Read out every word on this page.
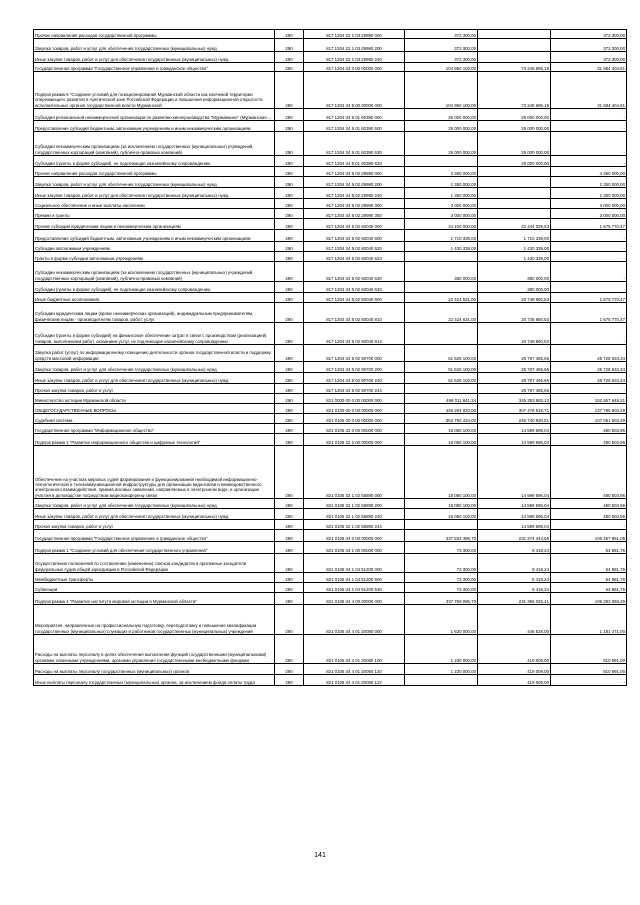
Прочие направления расходов государственной программы	290	817 1204 23 1 03 29990 000	372 300,00		372 300,00
Закупка товаров, работ и услуг для обеспечения государственных (муниципальных) нужд	290	817 1204 23 1 03 29990 200	372 300,00		372 300,00
Иные закупки товаров, работ и услуг для обеспечения государственных (муниципальных) нужд	290	817 1204 23 1 03 29990 240	372 300,00		372 300,00
Государственная программа "Государственное управление и гражданское общество"	290	817 1204 34 0 00 00000 000	104 950 100,00	73 245 695,19	31 684 404,81
Подпрограмма 5 "Создание условий для позиционирования Мурманской области как ключевой территории опережающего развития в Арктической зоне Российской Федерации и повышения информационной открытости исполнительных органов государственной власти Мурманской	290	817 1204 34 5 00 00000 000	104 950 100,00	73 245 695,19	31 684 404,81
Субсидия региональной некоммерческой организации по развитию кинопроизводства "Мурманкино" (Мурманская ...	290	817 1204 34 5 01 60390 000	25 000 000,00	25 000 000,00	-
Предоставление субсидий бюджетным, автономным учреждениям и иным некоммерческим организациям	290	817 1204 34 5 01 60390 600	25 000 000,00	25 000 000,00	-
Субсидии некоммерческим организациям (за исключением государственных (муниципальных) учреждений, государственных корпораций (компаний), публично-правовых компаний)	290	817 1204 34 5 01 60390 630	25 000 000,00	25 000 000,00	-
Субсидии (гранты в форме субсидий), не подлежащие казначейскому сопровождению	290	817 1204 34 5 01 60390 633		25 000 000,00	-
Прочие направления расходов государственной программы	290	817 1204 34 5 02 29990 000	4 350 000,00		4 350 000,00
Закупка товаров, работ и услуг для обеспечения государственных (муниципальных) нужд	290	817 1204 34 5 02 29990 200	1 350 000,00		1 350 000,00
Иные закупки товаров, работ и услуг для обеспечения государственных (муниципальных) нужд	290	817 1204 34 5 02 29990 240	1 350 000,00		1 350 000,00
Социальное обеспечение и иные выплаты населению	290	817 1204 34 5 02 29990 300	3 000 000,00		3 000 000,00
Премии и гранты	290	817 1204 34 5 02 29990 350	3 000 000,00		3 000 000,00
Прочие субсидии юридическим лицам и некоммерческим организациям	290	817 1204 34 5 02 60040 000	24 100 000,00	22 444 029,53	1 675 770,47
Предоставление субсидий бюджетным, автономным учреждениям и иным некоммерческим организациям	290	817 1204 34 5 02 60040 600	1 710 339,00	1 710 339,00	-
Субсидии автономным учреждениям	290	817 1204 34 5 02 60040 620	1 430 339,00	1 430 339,00	-
Гранты в форме субсидии автономным учреждениям	290	817 1204 34 5 02 60040 623		1 430 339,00	-
Субсидии некоммерческим организациям (за исключением государственных (муниципальных) учреждений, государственных корпораций (компаний), публично-правовых компаний)	290	817 1204 34 5 02 60040 630	380 000,00	380 000,00	-
Субсидии (гранты в форме субсидий), не подлежащие казначейскому сопровождению	290	817 1204 34 5 02 60040 633		380 000,00	-
Иные бюджетные ассигнования	290	817 1204 34 5 02 60040 800	22 424 631,00	20 748 860,53	1 675 770,47
Субсидии юридическим лицам (кроме некоммерческих организаций), индивидуальным предпринимателям, физическим лицам - производителям товаров, работ, услуг	290	817 1204 34 5 02 60040 810	22 424 631,00	20 748 860,53	1 675 770,47
Субсидии (гранты в форме субсидий) на финансовое обеспечение затрат в связи с производством (реализацией) товаров, выполнением работ, оказанием услуг, не подлежащие казначейскому сопровождению	290	817 1204 34 5 02 60040 813		20 748 860,53	-
Закупка работ (услуг) по информационному освещению деятельности органов государственной власти и поддержку средств массовой информации	290	817 1204 34 5 02 90700 000	51 526 100,00	25 797 465,66	25 728 634,34
Закупка товаров, работ и услуг для обеспечения государственных (муниципальных) нужд	290	817 1204 34 5 02 90700 200	51 526 100,00	25 797 465,66	25 728 634,34
Иные закупки товаров, работ и услуг для обеспечения государственных (муниципальных) нужд	290	817 1204 34 5 02 90700 240	51 526 100,00	25 797 465,66	25 728 634,34
Прочая закупка товаров, работ и услуг	290	817 1204 34 5 02 90700 244		25 797 465,66	-
Министерство юстиции Мурманской области	290	821 0000 00 0 00 00000 000	498 011 641,34	345 353 993,13	152 657 648,21
ОБЩЕГОСУДАРСТВЕННЫЕ ВОПРОСЫ	290	821 0100 00 0 00 00000 000	445 264 020,00	307 478 515,71	137 785 504,29
Судебная система	290	821 0105 00 0 00 00000 000	353 792 434,00	246 740 930,51	107 051 503,49
Государственная программа "Информационное общество"	290	821 0105 32 0 00 00000 000	15 080 100,00	14 599 596,04	480 503,96
Подпрограмма 1 "Развитие информационного общества и цифровых технологий"	290	821 0105 32 1 00 00000 000	15 080 100,00	14 599 596,04	480 503,96
Обеспечение на участках мировых судей формирования и функционирования необходимой информационно-технологической и телекоммуникационной инфраструктуры для организации видеосвязи и межведомственного электронного взаимодействия, приема исковых заявлений, направляемых в электронном виде, и организации участия в деловодстве посредством видеоконференц-связи	290	821 0105 32 1 02 55890 000	15 080 100,00	14 599 596,04	480 503,96
Закупка товаров, работ и услуг для обеспечения государственных (муниципальных) нужд	290	821 0105 32 1 02 55890 200	15 080 100,00	14 599 596,04	480 503,96
Иные закупки товаров, работ и услуг для обеспечения государственных (муниципальных) нужд	290	821 0105 32 1 02 55890 240	15 080 100,00	14 599 596,04	480 503,96
Прочая закупка товаров, работ и услуг	290	821 0105 32 1 02 55890 244		14 599 596,04	-
Государственная программа "Государственное управление и гражданское общество"	290	821 0105 34 0 00 00000 000	337 832 395,70	231 374 444,65	106 457 951,05
Подпрограмма 1 "Создание условий для обеспечения государственного управления"	290	821 0105 34 1 00 00000 000	73 300,00	8 418,24	64 881,76
Осуществление полномочий по составлению (изменению) списков кандидатов в присяжные заседатели федеральных судов общей юрисдикции в Российской Федерации	290	821 0105 34 1 04 51200 000	73 300,00	8 418,24	64 881,76
Межбюджетные трансферты	290	821 0105 34 1 04 51200 500	73 300,00	8 418,24	64 881,76
Субвенции	290	821 0105 34 1 04 51200 530	73 300,00	8 418,24	64 881,76
Подпрограмма 4 "Развитие института мировой юстиции в Мурманской области"	290	821 0105 34 4 00 00000 000	337 759 095,70	231 366 026,41	106 393 069,29
Мероприятия, направленные на профессиональную подготовку, переподготовку и повышение квалификации государственных (муниципальных) служащих и работников государственных (муниципальных) учреждений	290	821 0105 34 4 01 20080 000	1 630 000,00	448 528,00	1 181 471,00
Расходы на выплаты персоналу в целях обеспечения выполнения функций государственными (муниципальными) органами, казенными учреждениями, органами управления государственными внебюджетными фондами	290	821 0105 34 4 01 20080 100	1 230 000,00	419 009,00	810 991,00
Расходы на выплаты персоналу государственных (муниципальных) органов	290	821 0105 34 4 01 20080 120	1 230 000,00	419 009,00	810 991,00
Иные выплаты персоналу государственных (муниципальных) органов, за исключением фонда оплаты труда	290	821 0105 34 4 01 20080 122		419 009,00	-
141
